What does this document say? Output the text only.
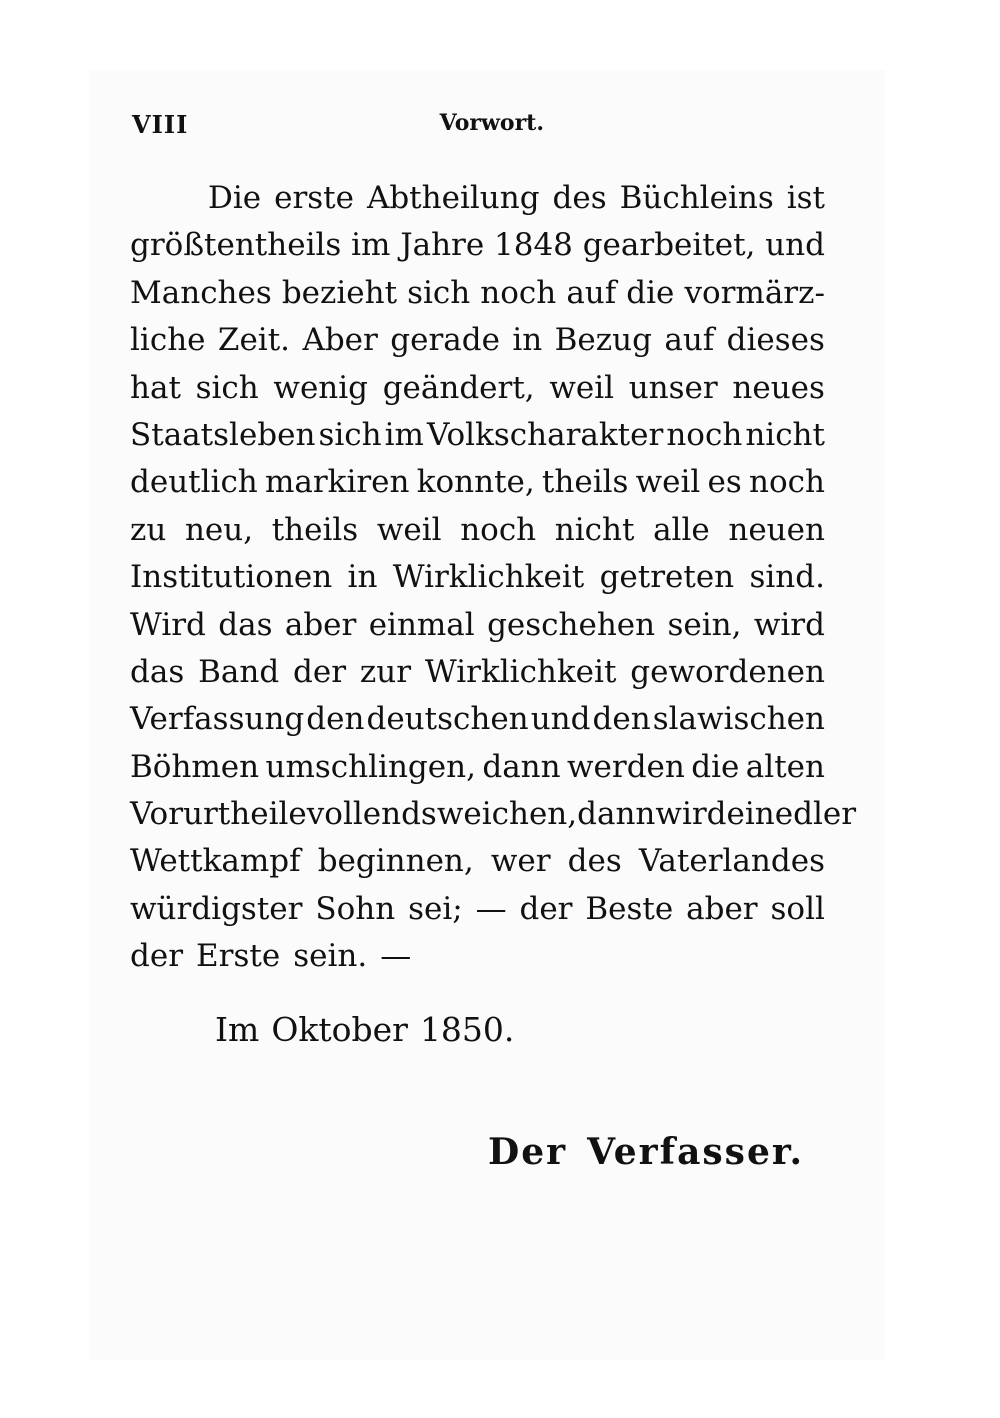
VIII	Vorwort.
Die erste Abtheilung des Büchleins ist
größtentheils im Jahre 1848 gearbeitet, und
Manches bezieht sich noch auf die vormärz-
liche Zeit. Aber gerade in Bezug auf dieses
hat sich wenig geändert, weil unser neues
Staatsleben sich im Volkscharakter noch nicht
deutlich markiren konnte, theils weil es noch
zu neu, theils weil noch nicht alle neuen
Institutionen in Wirklichkeit getreten sind.
Wird das aber einmal geschehen sein, wird
das Band der zur Wirklichkeit gewordenen
Verfassung den deutschen und den slawischen
Böhmen umschlingen, dann werden die alten
Vorurtheile vollends weichen, dann wird ein edler
Wettkampf beginnen, wer des Vaterlandes
würdigster Sohn sei; — der Beste aber soll
der Erste sein. —
Im Oktober 1850.
Der Verfasser.
